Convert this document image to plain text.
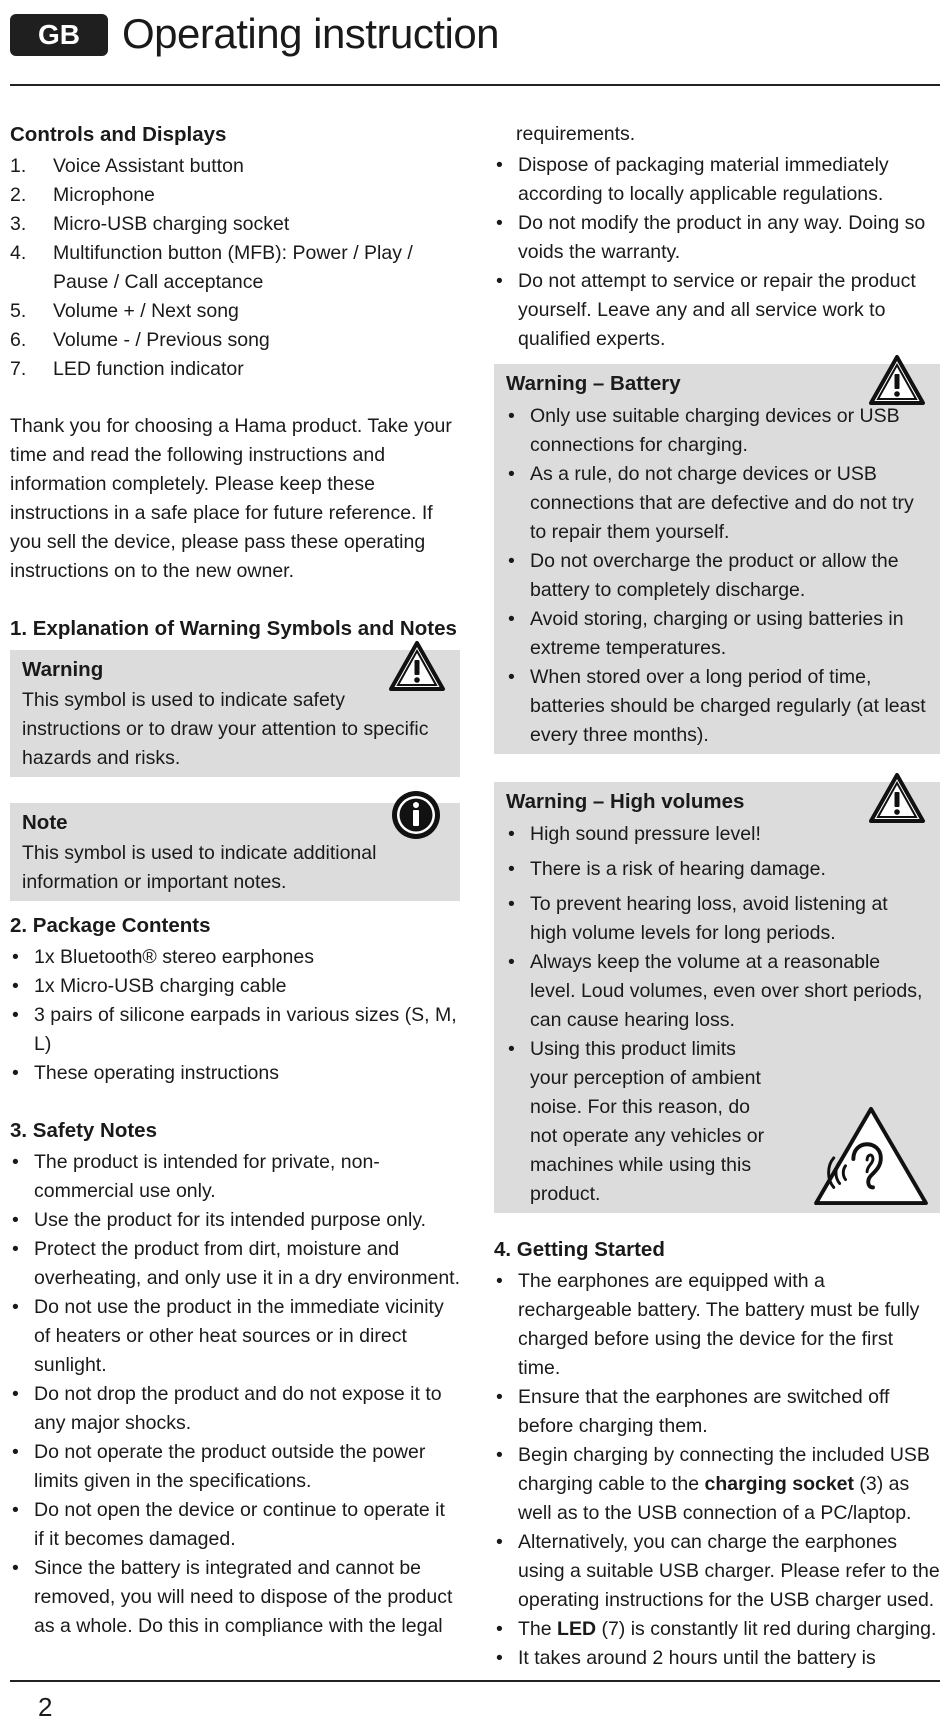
GB	Operating instruction
Controls and Displays
1. Voice Assistant button
2. Microphone
3. Micro-USB charging socket
4. Multifunction button (MFB): Power / Play / Pause / Call acceptance
5. Volume + / Next song
6. Volume - / Previous song
7. LED function indicator

Thank you for choosing a Hama product. Take your time and read the following instructions and information completely. Please keep these instructions in a safe place for future reference. If you sell the device, please pass these operating instructions on to the new owner.

1. Explanation of Warning Symbols and Notes
Warning

This symbol is used to indicate safety instructions or to draw your attention to specific hazards and risks.

Note

This symbol is used to indicate additional information or important notes.

2. Package Contents
• 1x Bluetooth® stereo earphones
• 1x Micro-USB charging cable
• 3 pairs of silicone earpads in various sizes (S, M, L)
• These operating instructions
3. Safety Notes
• The product is intended for private, non-commercial use only.
• Use the product for its intended purpose only.
• Protect the product from dirt, moisture and overheating, and only use it in a dry environment.
• Do not use the product in the immediate vicinity of heaters or other heat sources or in direct sunlight.
• Do not drop the product and do not expose it to any major shocks.
• Do not operate the product outside the power limits given in the specifications.
• Do not open the device or continue to operate it if it becomes damaged.
• Since the battery is integrated and cannot be removed, you will need to dispose of the product as a whole. Do this in compliance with the legal

requirements.

• Dispose of packaging material immediately according to locally applicable regulations.
• Do not modify the product in any way. Doing so voids the warranty.
• Do not attempt to service or repair the product yourself. Leave any and all service work to qualified experts.
Warning – Battery
• Only use suitable charging devices or USB connections for charging.
• As a rule, do not charge devices or USB connections that are defective and do not try to repair them yourself.
• Do not overcharge the product or allow the battery to completely discharge.
• Avoid storing, charging or using batteries in extreme temperatures.
• When stored over a long period of time, batteries should be charged regularly (at least every three months).
Warning – High volumes
• High sound pressure level!
• There is a risk of hearing damage.
• To prevent hearing loss, avoid listening at high volume levels for long periods.
• Always keep the volume at a reasonable level. Loud volumes, even over short periods, can cause hearing loss.
• Using this product limits your perception of ambient noise. For this reason, do not operate any vehicles or machines while using this product.
4. Getting Started
• The earphones are equipped with a rechargeable battery. The battery must be fully charged before using the device for the first time.
• Ensure that the earphones are switched off before charging them.
• Begin charging by connecting the included USB charging cable to the charging socket (3) as well as to the USB connection of a PC/laptop.
• Alternatively, you can charge the earphones using a suitable USB charger. Please refer to the operating instructions for the USB charger used.
• The LED (7) is constantly lit red during charging.
• It takes around 2 hours until the battery is
2
